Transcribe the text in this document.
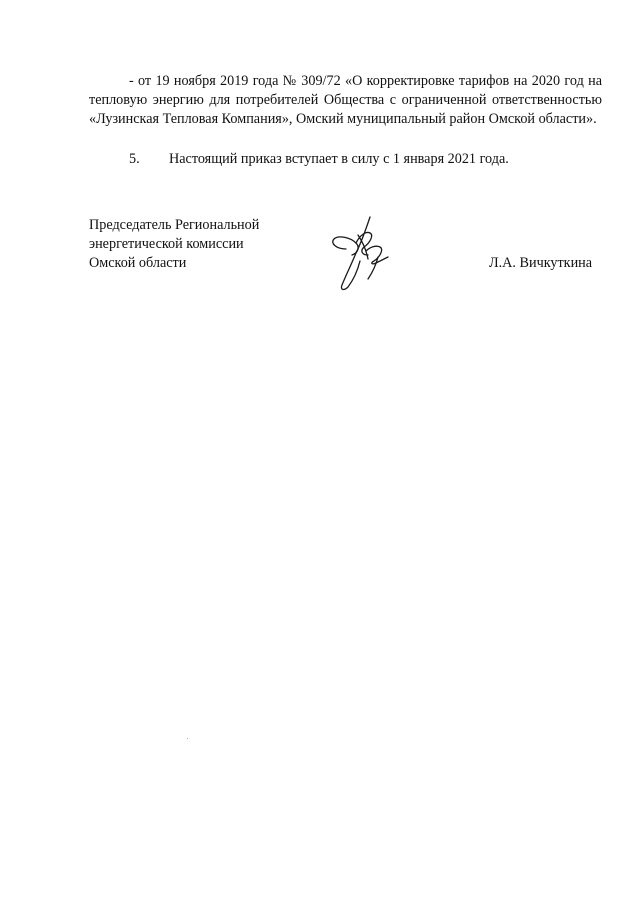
- от 19 ноября 2019 года № 309/72 «О корректировке тарифов на 2020 год на тепловую энергию для потребителей Общества с ограниченной ответственностью «Лузинская Тепловая Компания», Омский муниципальный район Омской области».

5. Настоящий приказ вступает в силу с 1 января 2021 года.
Председатель Региональной
энергетической комиссии
Омской области	Л.А. Вичкуткина
